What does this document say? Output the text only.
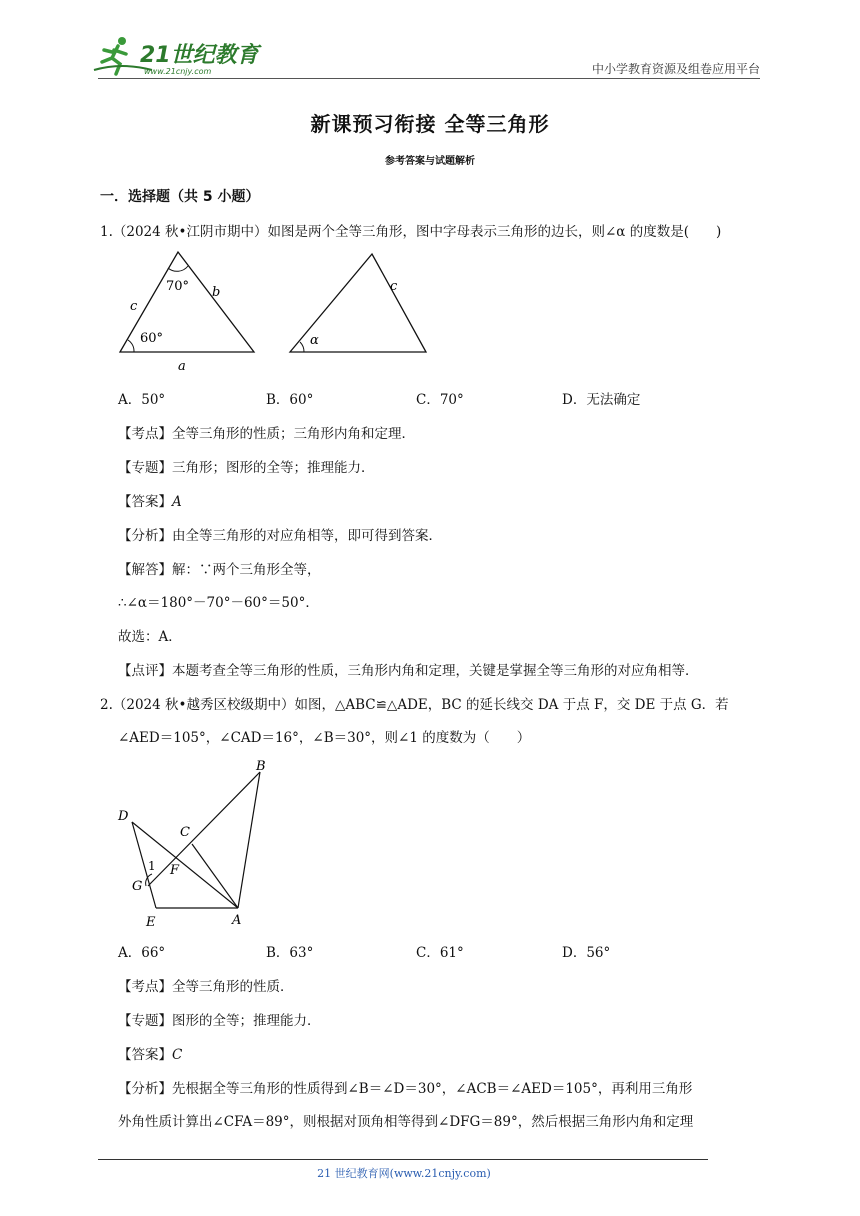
21世纪教育
www.21cnjy.com	中小学教育资源及组卷应用平台
新课预习衔接 全等三角形
参考答案与试题解析
一．选择题（共 5 小题）
1.（2024 秋•江阴市期中）如图是两个全等三角形，图中字母表示三角形的边长，则∠α 的度数是(　　)
70°
60°
c
b
a
α
c
A．50°	B．60°	C．70°	D．无法确定
【考点】全等三角形的性质；三角形内角和定理．
【专题】三角形；图形的全等；推理能力．
【答案】A
【分析】由全等三角形的对应角相等，即可得到答案．
【解答】解：∵两个三角形全等，
∴∠α＝180°－70°－60°＝50°．
故选：A．
【点评】本题考查全等三角形的性质，三角形内角和定理，关键是掌握全等三角形的对应角相等．
2.（2024 秋•越秀区校级期中）如图，△ABC≌△ADE，BC 的延长线交 DA 于点 F，交 DE 于点 G．若
∠AED＝105°，∠CAD＝16°，∠B＝30°，则∠1 的度数为（　　）
B
D
C
F
G
E	A
1
A．66°	B．63°	C．61°	D．56°
【考点】全等三角形的性质．
【专题】图形的全等；推理能力．
【答案】C
【分析】先根据全等三角形的性质得到∠B＝∠D＝30°，∠ACB＝∠AED＝105°，再利用三角形
外角性质计算出∠CFA＝89°，则根据对顶角相等得到∠DFG＝89°，然后根据三角形内角和定理
21 世纪教育网(www.21cnjy.com)
